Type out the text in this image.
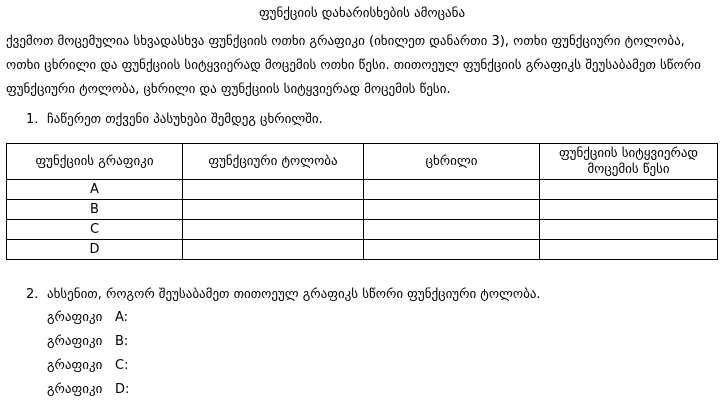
ფუნქციის დახარისხების ამოცანა
ქვემოთ მოცემულია სხვადასხვა ფუნქციის ოთხი გრაფიკი (იხილეთ დანართი 3), ოთხი ფუნქციური ტოლობა, ოთხი ცხრილი და ფუნქციის სიტყვიერად მოცემის ოთხი წესი. თითოეულ ფუნქციის გრაფიკს შეუსაბამეთ სწორი ფუნქციური ტოლობა, ცხრილი და ფუნქციის სიტყვიერად მოცემის წესი.
1. ჩაწერეთ თქვენი პასუხები შემდეგ ცხრილში.
ფუნქციის გრაფიკი	ფუნქციური ტოლობა	ცხრილი	ფუნქციის სიტყვიერად მოცემის წესი
A			
B			
C			
D			
2. ახსენით, როგორ შეუსაბამეთ თითოეულ გრაფიკს სწორი ფუნქციური ტოლობა.
გრაფიკი A:
გრაფიკი B:
გრაფიკი C:
გრაფიკი D:
